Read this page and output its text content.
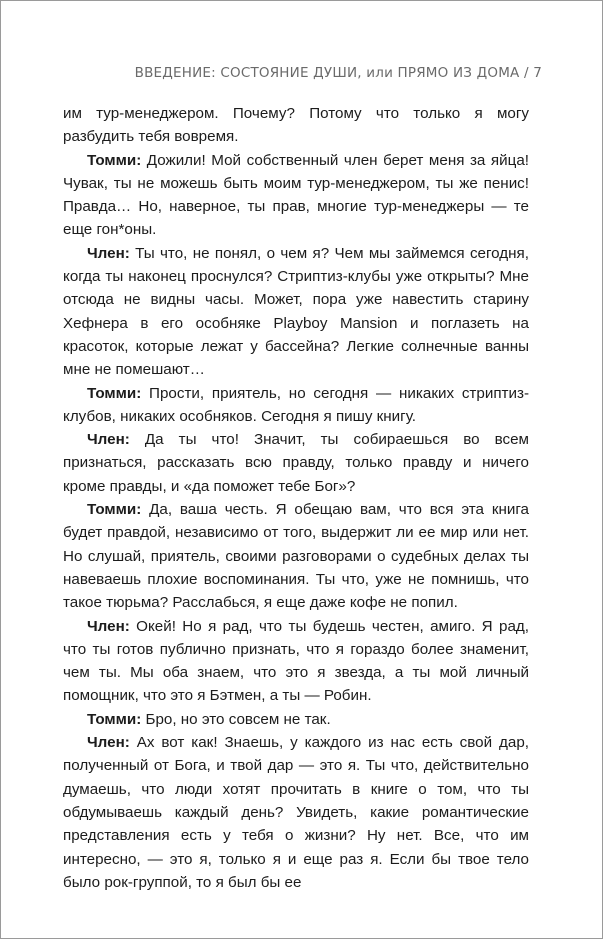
ВВЕДЕНИЕ: СОСТОЯНИЕ ДУШИ, или ПРЯМО ИЗ ДОМА / 7

им тур-менеджером. Почему? Потому что только я могу разбудить тебя вовремя.

Томми: Дожили! Мой собственный член берет меня за яйца! Чувак, ты не можешь быть моим тур-менеджером, ты же пенис! Правда… Но, наверное, ты прав, многие тур-менеджеры — те еще гон*оны.

Член: Ты что, не понял, о чем я? Чем мы займемся сегодня, когда ты наконец проснулся? Стриптиз-клубы уже открыты? Мне отсюда не видны часы. Может, пора уже навестить старину Хефнера в его особняке Playboy Mansion и поглазеть на красоток, которые лежат у бассейна? Легкие солнечные ванны мне не помешают…

Томми: Прости, приятель, но сегодня — никаких стриптиз-клубов, никаких особняков. Сегодня я пишу книгу.

Член: Да ты что! Значит, ты собираешься во всем признаться, рассказать всю правду, только правду и ничего кроме правды, и «да поможет тебе Бог»?

Томми: Да, ваша честь. Я обещаю вам, что вся эта книга будет правдой, независимо от того, выдержит ли ее мир или нет. Но слушай, приятель, своими разговорами о судебных делах ты навеваешь плохие воспоминания. Ты что, уже не помнишь, что такое тюрьма? Расслабься, я еще даже кофе не попил.

Член: Окей! Но я рад, что ты будешь честен, амиго. Я рад, что ты готов публично признать, что я гораздо более знаменит, чем ты. Мы оба знаем, что это я звезда, а ты мой личный помощник, что это я Бэтмен, а ты — Робин.

Томми: Бро, но это совсем не так.

Член: Ах вот как! Знаешь, у каждого из нас есть свой дар, полученный от Бога, и твой дар — это я. Ты что, действительно думаешь, что люди хотят прочитать в книге о том, что ты обдумываешь каждый день? Увидеть, какие романтические представления есть у тебя о жизни? Ну нет. Все, что им интересно, — это я, только я и еще раз я. Если бы твое тело было рок-группой, то я был бы ее
